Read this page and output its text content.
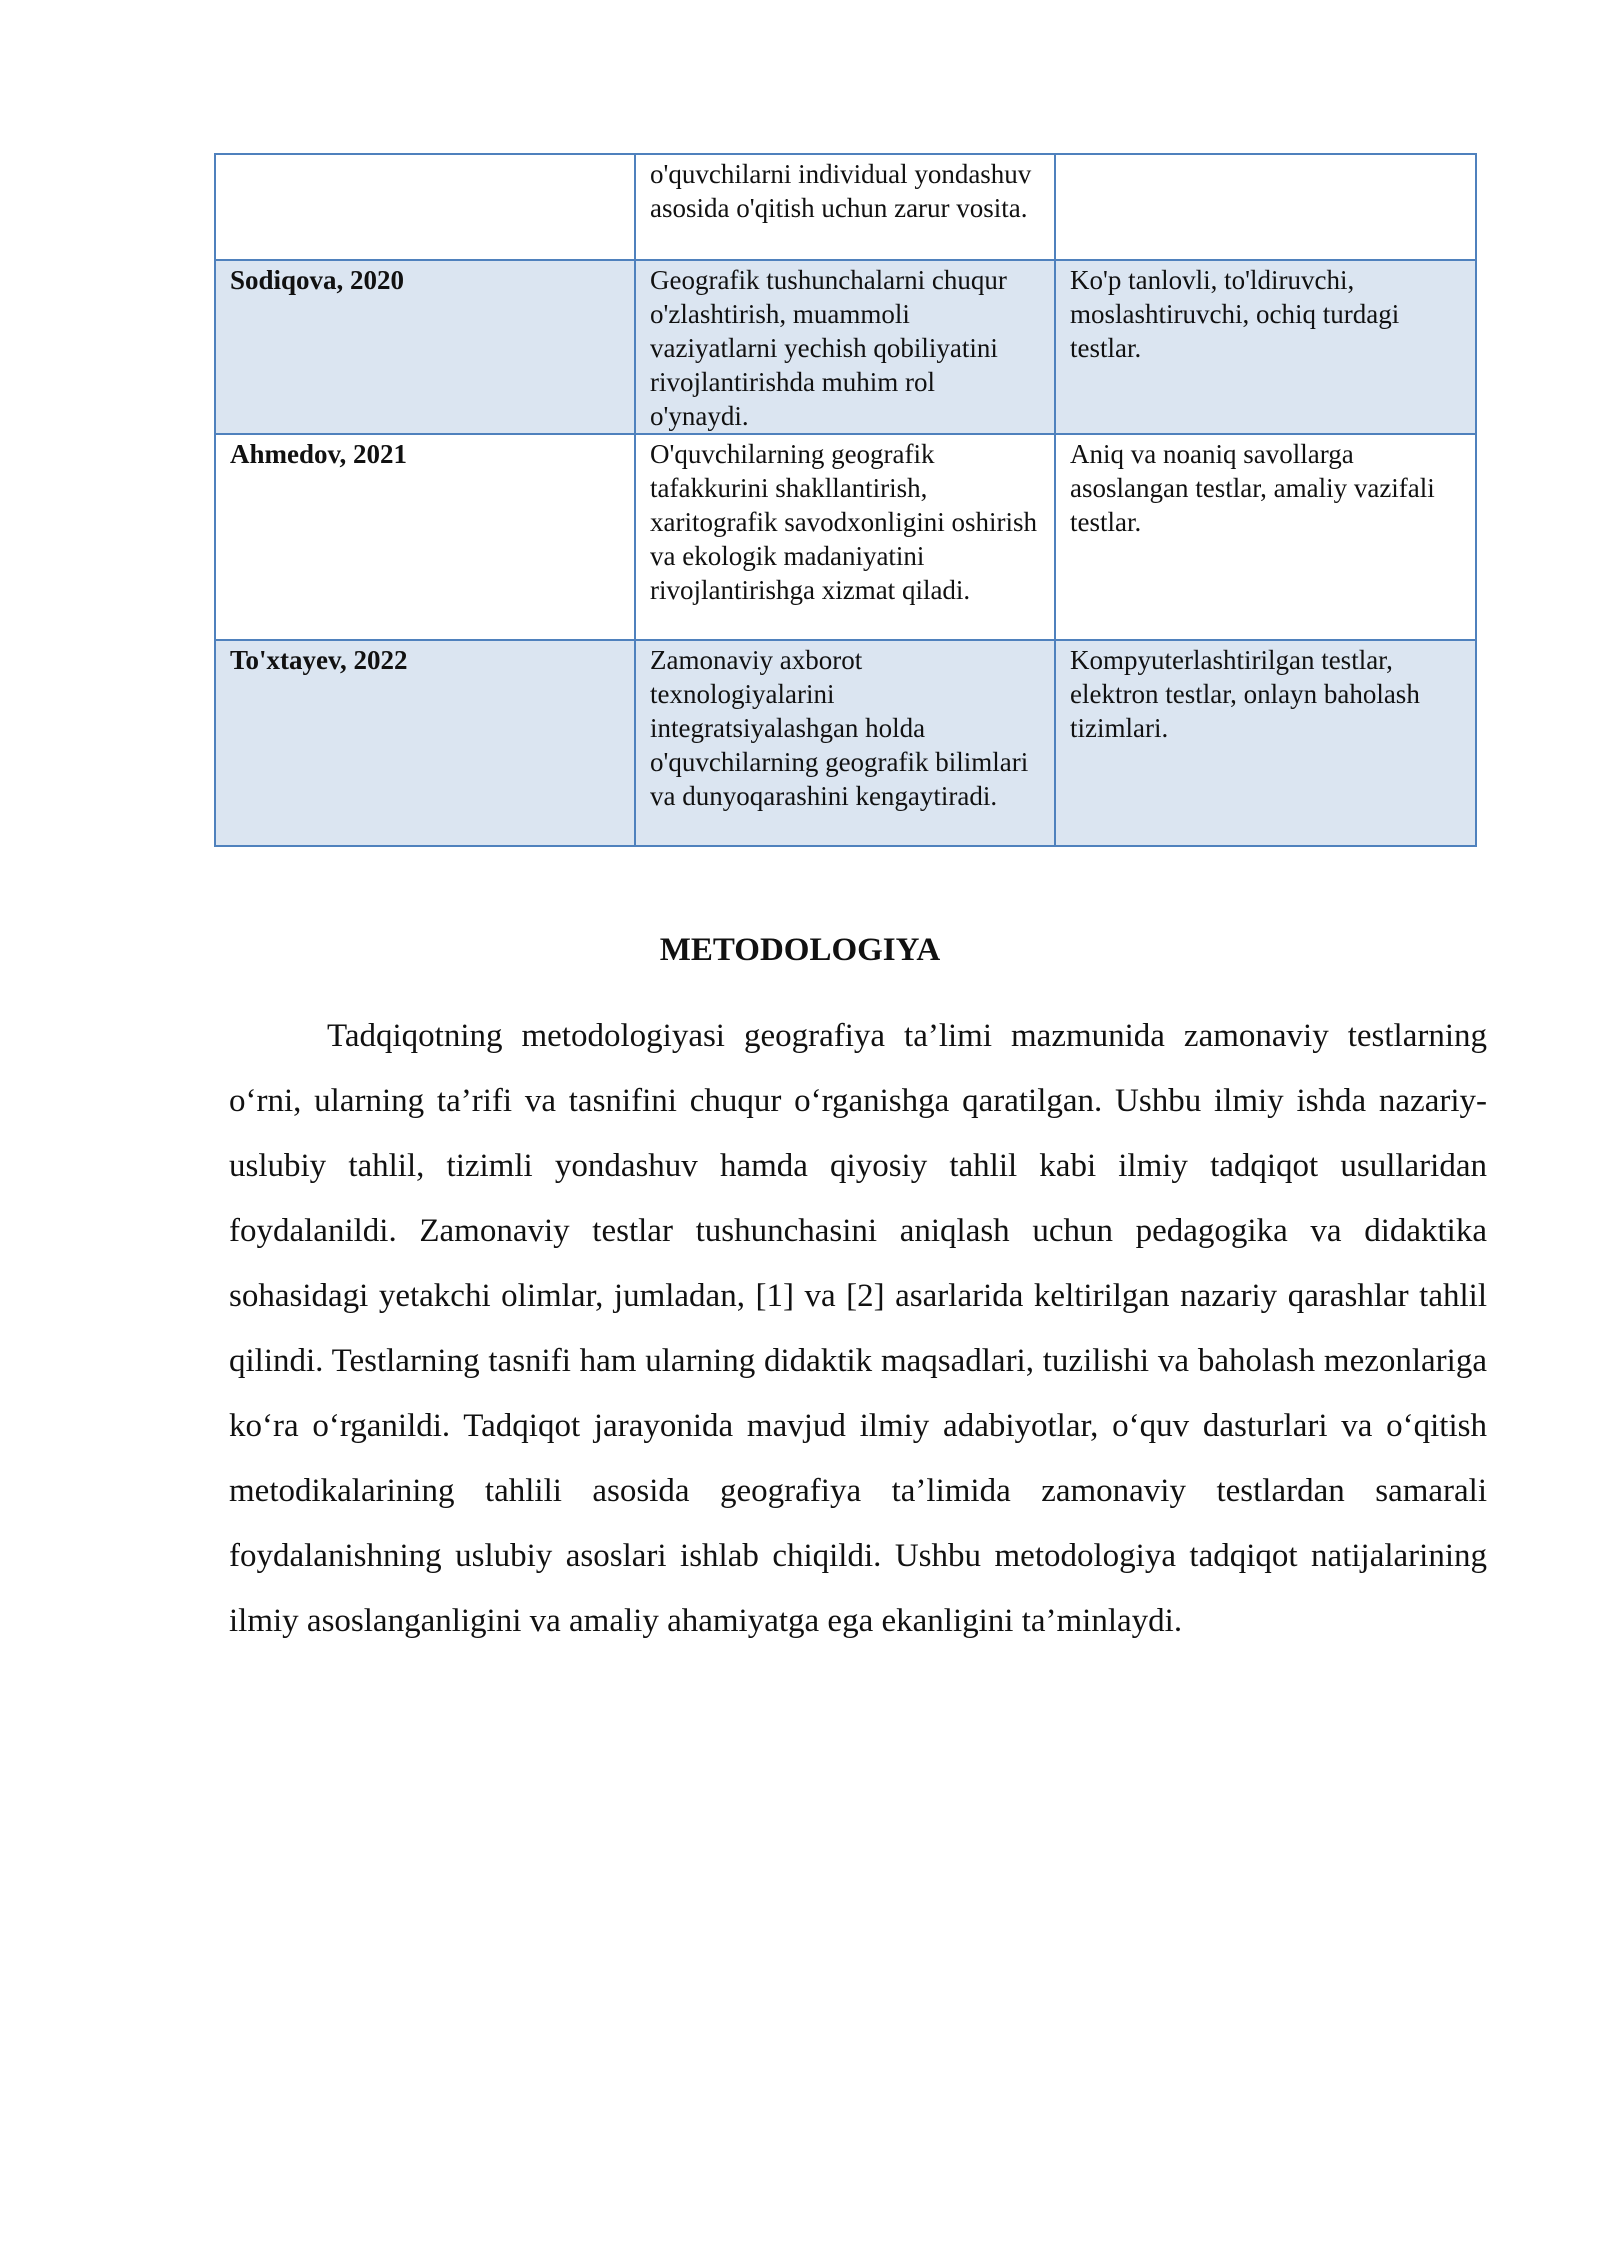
	o'quvchilarni individual yondashuv asosida o'qitish uchun zarur vosita.	
Sodiqova, 2020	Geografik tushunchalarni chuqur o'zlashtirish, muammoli vaziyatlarni yechish qobiliyatini rivojlantirishda muhim rol o'ynaydi.	Ko'p tanlovli, to'ldiruvchi, moslashtiruvchi, ochiq turdagi testlar.
Ahmedov, 2021	O'quvchilarning geografik tafakkurini shakllantirish, xaritografik savodxonligini oshirish va ekologik madaniyatini rivojlantirishga xizmat qiladi.	Aniq va noaniq savollarga asoslangan testlar, amaliy vazifali testlar.
To'xtayev, 2022	Zamonaviy axborot texnologiyalarini integratsiyalashgan holda o'quvchilarning geografik bilimlari va dunyoqarashini kengaytiradi.	Kompyuterlashtirilgan testlar, elektron testlar, onlayn baholash tizimlari.
METODOLOGIYA

Tadqiqotning metodologiyasi geografiya ta’limi mazmunida zamonaviy testlarning o‘rni, ularning ta’rifi va tasnifini chuqur o‘rganishga qaratilgan. Ushbu ilmiy ishda nazariy-uslubiy tahlil, tizimli yondashuv hamda qiyosiy tahlil kabi ilmiy tadqiqot usullaridan foydalanildi. Zamonaviy testlar tushunchasini aniqlash uchun pedagogika va didaktika sohasidagi yetakchi olimlar, jumladan, [1] va [2] asarlarida keltirilgan nazariy qarashlar tahlil qilindi. Testlarning tasnifi ham ularning didaktik maqsadlari, tuzilishi va baholash mezonlariga ko‘ra o‘rganildi. Tadqiqot jarayonida mavjud ilmiy adabiyotlar, o‘quv dasturlari va o‘qitish metodikalarining tahlili asosida geografiya ta’limida zamonaviy testlardan samarali foydalanishning uslubiy asoslari ishlab chiqildi. Ushbu metodologiya tadqiqot natijalarining ilmiy asoslanganligini va amaliy ahamiyatga ega ekanligini ta’minlaydi.
